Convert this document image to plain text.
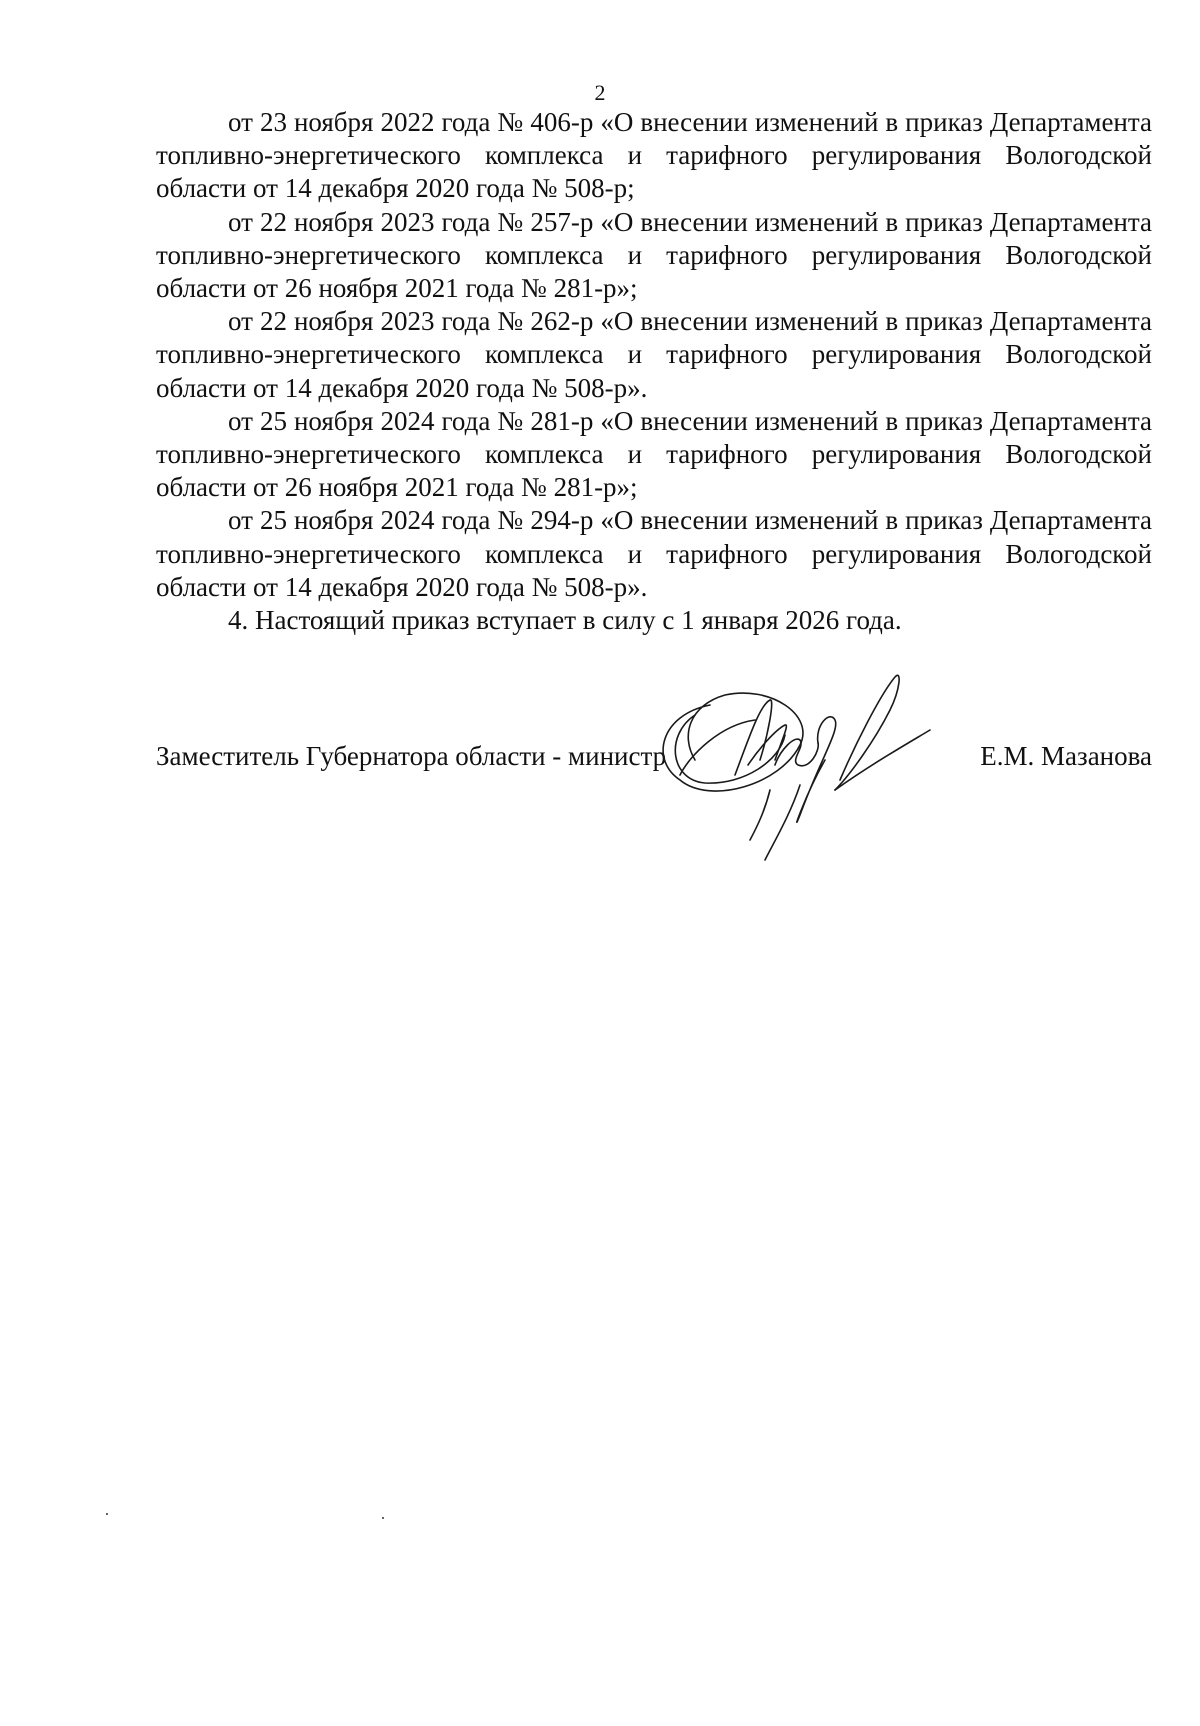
2

от 23 ноября 2022 года № 406-р «О внесении изменений в приказ Департамента топливно-энергетического комплекса и тарифного регулирования Вологодской области от 14 декабря 2020 года № 508-р;

от 22 ноября 2023 года № 257-р «О внесении изменений в приказ Департамента топливно-энергетического комплекса и тарифного регулирования Вологодской области от 26 ноября 2021 года № 281-р»;

от 22 ноября 2023 года № 262-р «О внесении изменений в приказ Департамента топливно-энергетического комплекса и тарифного регулирования Вологодской области от 14 декабря 2020 года № 508-р».

от 25 ноября 2024 года № 281-р «О внесении изменений в приказ Департамента топливно-энергетического комплекса и тарифного регулирования Вологодской области от 26 ноября 2021 года № 281-р»;

от 25 ноября 2024 года № 294-р «О внесении изменений в приказ Департамента топливно-энергетического комплекса и тарифного регулирования Вологодской области от 14 декабря 2020 года № 508-р».

4. Настоящий приказ вступает в силу с 1 января 2026 года.

Заместитель Губернатора области - министр	Е.М. Мазанова
